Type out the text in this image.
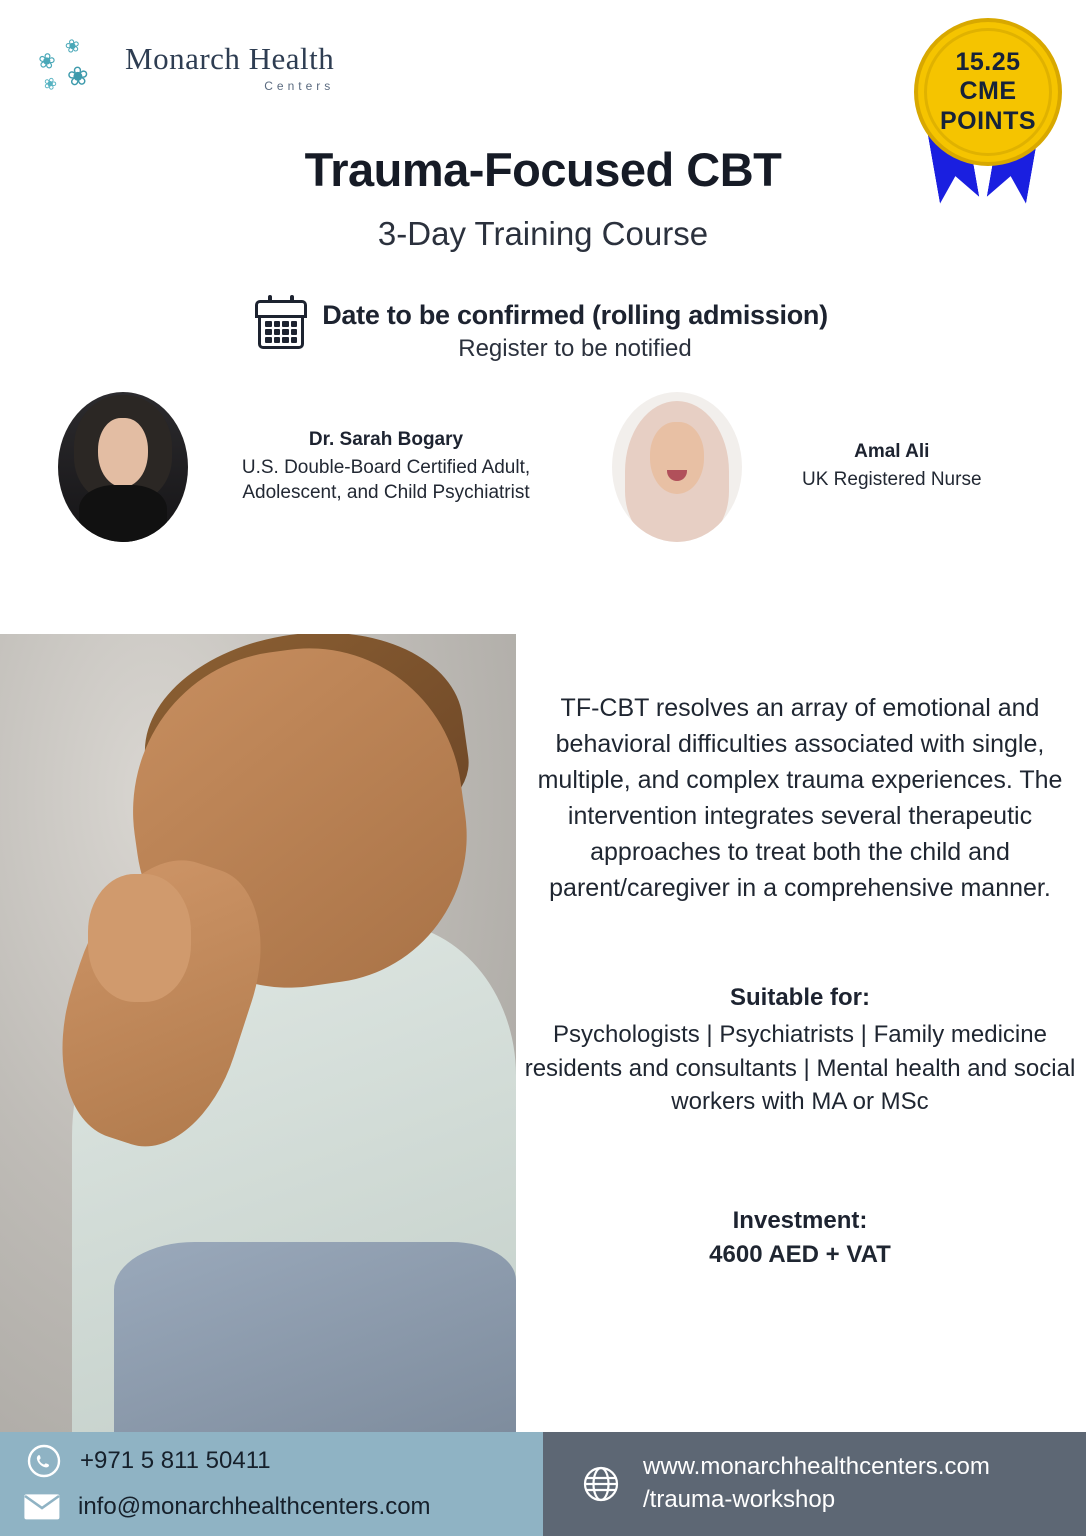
❀
❀ ❀
❀
Monarch Health
Centers
15.25
CME
POINTS
Trauma-Focused CBT
3-Day Training Course
Date to be confirmed (rolling admission)
Register to be notified
Dr. Sarah Bogary
U.S. Double-Board Certified Adult, Adolescent, and Child Psychiatrist
Amal Ali
UK Registered Nurse

TF-CBT resolves an array of emotional and behavioral difficulties associated with single, multiple, and complex trauma experiences. The intervention integrates several therapeutic approaches to treat both the child and parent/caregiver in a comprehensive manner.

Suitable for:
Psychologists | Psychiatrists | Family medicine residents and consultants | Mental health and social workers with MA or MSc
Investment:
4600 AED + VAT
+971 5 811 50411
info@monarchhealthcenters.com
www.monarchhealthcenters.com
/trauma-workshop
